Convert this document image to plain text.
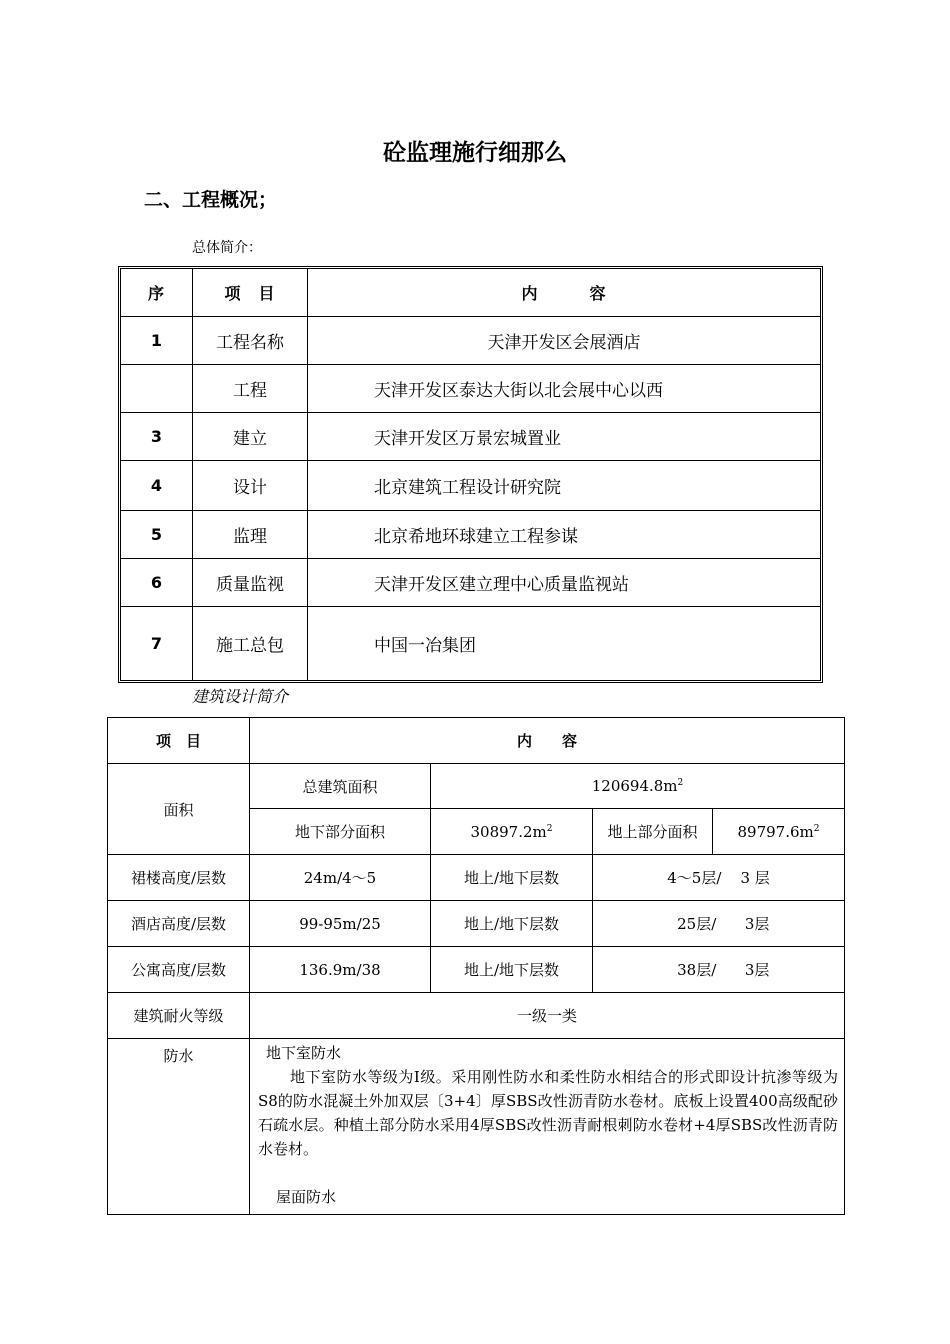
砼监理施行细那么
二、工程概况；
总体简介：
序	项　目	内　　　容
1	工程名称	天津开发区会展酒店
	工程	天津开发区泰达大街以北会展中心以西
3	建立	天津开发区万景宏城置业
4	设计	北京建筑工程设计研究院
5	监理	北京希地环球建立工程参谋
6	质量监视	天津开发区建立理中心质量监视站
7	施工总包	中国一冶集团
建筑设计简介
项　目	内　　容			
面积	总建筑面积	$120694.8m^2$
	地下部分面积	$30897.2m^2$	地上部分面积	$89797.6m^2$
裙楼高度/层数	24m/4～5	地上/地下层数	4～5层/ 3 层	
酒店高度/层数	99-95m/25	地上/地下层数	25层/ 3层	
公寓高度/层数	136.9m/38	地上/地下层数	38层/ 3层	
建筑耐火等级	一级一类			
防水	地下室防水
地下室防水等级为Ⅰ级。采用刚性防水和柔性防水相结合的形式即设计抗渗等级为S8的防水混凝土外加双层〔3+4〕厚SBS改性沥青防水卷材。底板上设置400高级配砂石疏水层。种植土部分防水采用4厚SBS改性沥青耐根刺防水卷材+4厚SBS改性沥青防水卷材。
屋面防水			
